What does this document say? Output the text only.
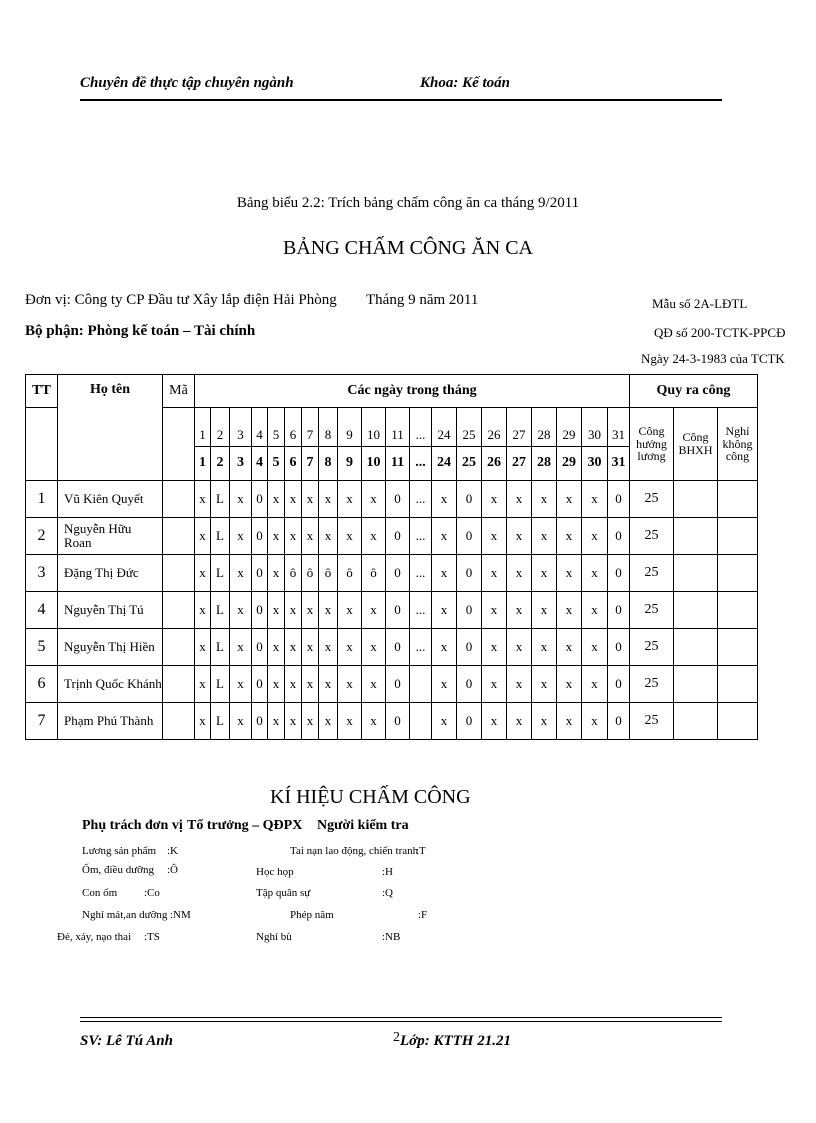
Chuyên đề thực tập chuyên ngành	Khoa: Kế toán
Bảng biểu 2.2: Trích bảng chấm công ăn ca tháng 9/2011
BẢNG CHẤM CÔNG ĂN CA
Đơn vị: Công ty CP Đầu tư Xây lắp điện Hải Phòng Tháng 9 năm 2011	Mẫu số 2A-LĐTL
Bộ phận: Phòng kế toán – Tài chính	QĐ số 200-TCTK-PPCĐ
Ngày 24-3-1983 của TCTK
TT	Họ tên	Mã	Các ngày trong tháng																				Quy ra công		
			1	2	3	4	5	6	7	8	9	10	11	...	24	25	26	27	28	29	30	31	Công hưởng lương	Công BHXH	Nghỉ không công
			1	2	3	4	5	6	7	8	9	10	11	...	24	25	26	27	28	29	30	31			
1	Vũ Kiên Quyết		x	L	x	0	x	x	x	x	x	x	0	...	x	0	x	x	x	x	x	0	25		
2	Nguyễn Hữu Roan		x	L	x	0	x	x	x	x	x	x	0	...	x	0	x	x	x	x	x	0	25		
3	Đặng Thị Đức		x	L	x	0	x	ô	ô	ô	ô	ô	0	...	x	0	x	x	x	x	x	0	25		
4	Nguyễn Thị Tú		x	L	x	0	x	x	x	x	x	x	0	...	x	0	x	x	x	x	x	0	25		
5	Nguyễn Thị Hiền		x	L	x	0	x	x	x	x	x	x	0	...	x	0	x	x	x	x	x	0	25		
6	Trịnh Quốc Khánh		x	L	x	0	x	x	x	x	x	x	0		x	0	x	x	x	x	x	0	25		
7	Phạm Phú Thành		x	L	x	0	x	x	x	x	x	x	0		x	0	x	x	x	x	x	0	25		
KÍ HIỆU CHẤM CÔNG
Phụ trách đơn vị Tổ trưởng – QĐPX Người kiểm tra
Lương sản phẩm :K
Ốm, điều dưỡng :Ô
Con ốm :Co
Nghỉ mát,an dưỡng :NM
Đẻ, xảy, nạo thai :TS
Tai nạn lao động, chiến tranh
:T
Học họp	:H
Tập quân sự	:Q
Phép năm	:F
Nghỉ bù	:NB
SV: Lê Tú Anh	2 Lớp: KTTH 21.21
